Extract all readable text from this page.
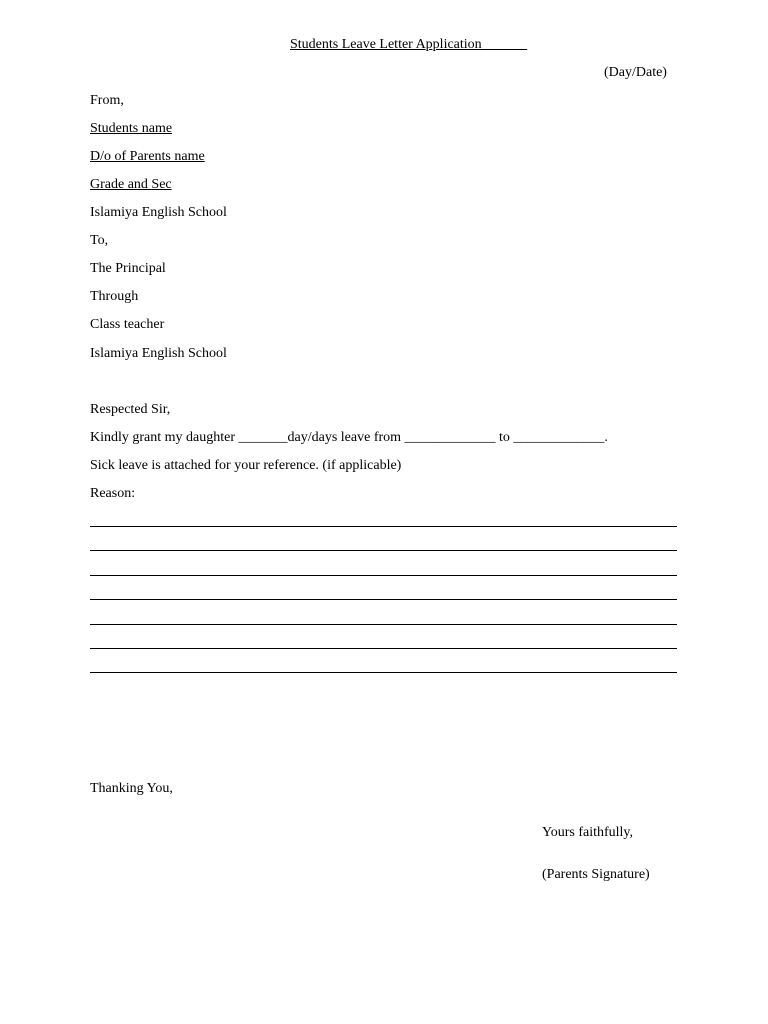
Students Leave Letter Application
(Day/Date)
From,
Students name
D/o of Parents name
Grade and Sec
Islamiya English School
To,
The Principal
Through
Class teacher
Islamiya English School
Respected Sir,
Kindly grant my daughter _______day/days leave from _____________ to _____________.
Sick leave is attached for your reference. (if applicable)
Reason:
Thanking You,
Yours faithfully,
(Parents Signature)
